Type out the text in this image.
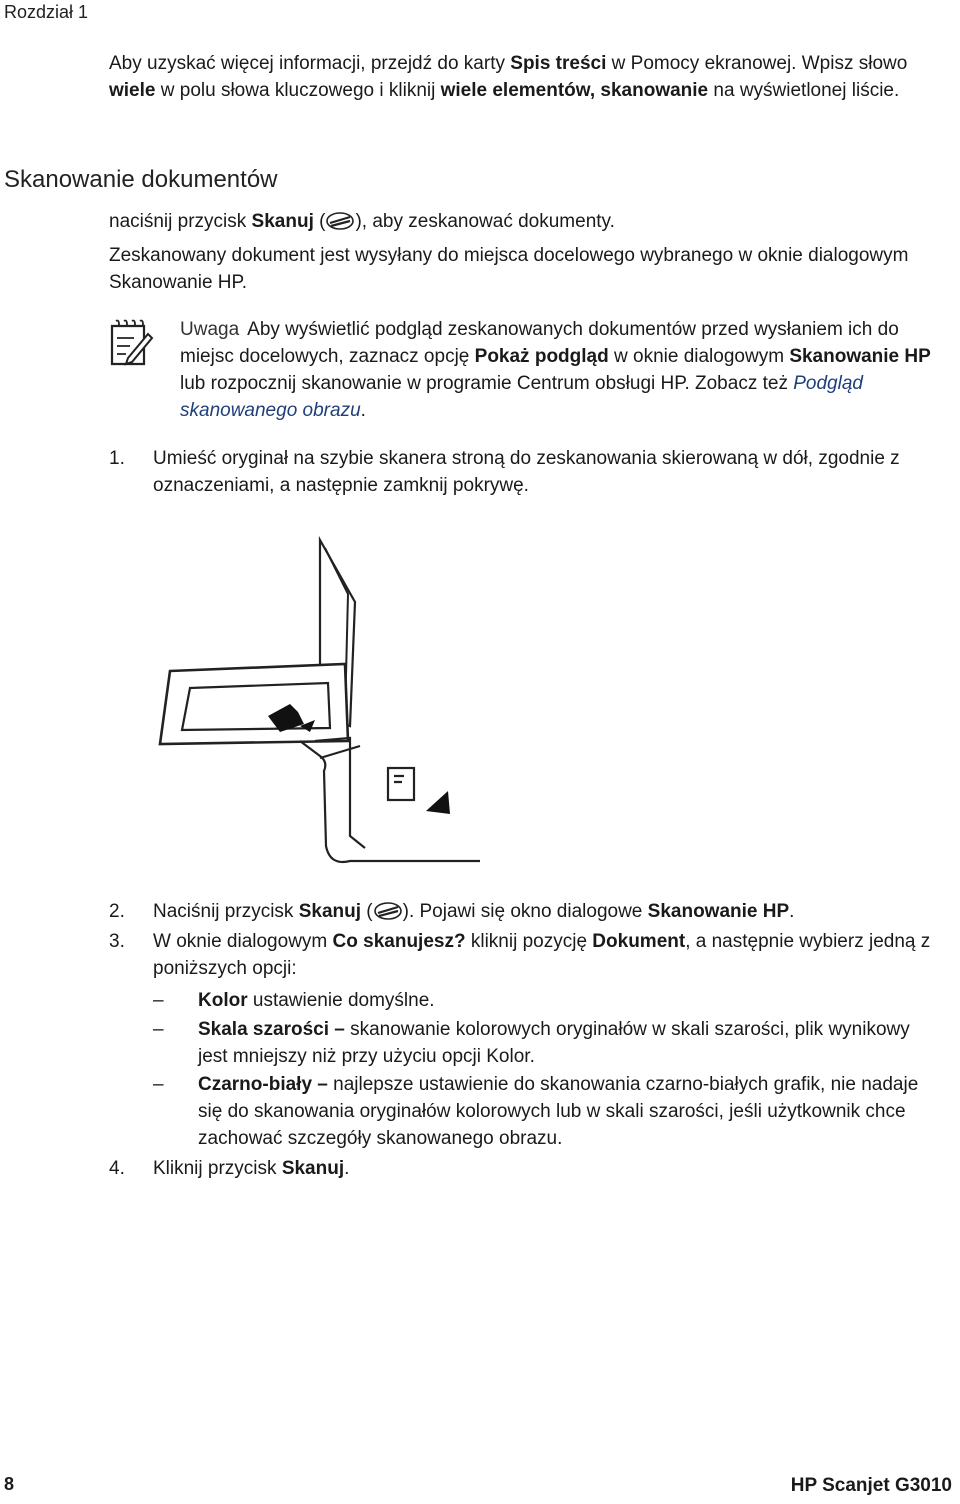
Rozdział 1
Aby uzyskać więcej informacji, przejdź do karty Spis treści w Pomocy ekranowej. Wpisz słowo wiele w polu słowa kluczowego i kliknij wiele elementów, skanowanie na wyświetlonej liście.
Skanowanie dokumentów
naciśnij przycisk Skanuj ( ), aby zeskanować dokumenty.
Zeskanowany dokument jest wysyłany do miejsca docelowego wybranego w oknie dialogowym Skanowanie HP.
Uwaga Aby wyświetlić podgląd zeskanowanych dokumentów przed wysłaniem ich do miejsc docelowych, zaznacz opcję Pokaż podgląd w oknie dialogowym Skanowanie HP lub rozpocznij skanowanie w programie Centrum obsługi HP. Zobacz też Podgląd skanowanego obrazu.
1. Umieść oryginał na szybie skanera stroną do zeskanowania skierowaną w dół, zgodnie z oznaczeniami, a następnie zamknij pokrywę.
2. Naciśnij przycisk Skanuj ( ). Pojawi się okno dialogowe Skanowanie HP.
3. W oknie dialogowym Co skanujesz? kliknij pozycję Dokument, a następnie wybierz jedną z poniższych opcji:
– Kolor ustawienie domyślne.
– Skala szarości – skanowanie kolorowych oryginałów w skali szarości, plik wynikowy jest mniejszy niż przy użyciu opcji Kolor.
– Czarno-biały – najlepsze ustawienie do skanowania czarno-białych grafik, nie nadaje się do skanowania oryginałów kolorowych lub w skali szarości, jeśli użytkownik chce zachować szczegóły skanowanego obrazu.
4. Kliknij przycisk Skanuj.
8	HP Scanjet G3010
